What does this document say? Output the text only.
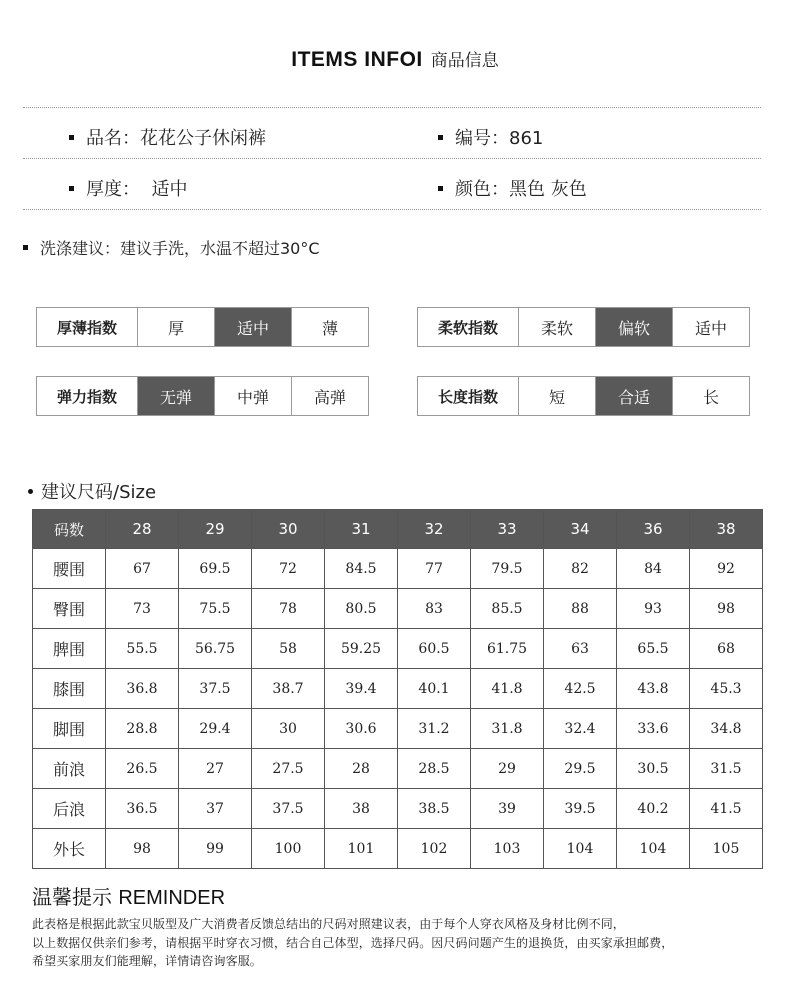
ITEMS INFOI 商品信息
品名：花花公子休闲裤	编号：861
厚度：  适中	颜色：黑色 灰色
洗涤建议：建议手洗，水温不超过30°C
厚薄指数	厚	适中	薄	柔软指数	柔软	偏软	适中
弹力指数	无弹	中弹	高弹	长度指数	短	合适	长
建议尺码/Size
码数	28	29	30	31	32	33	34	36	38
腰围	67	69.5	72	84.5	77	79.5	82	84	92
臀围	73	75.5	78	80.5	83	85.5	88	93	98
脾围	55.5	56.75	58	59.25	60.5	61.75	63	65.5	68
膝围	36.8	37.5	38.7	39.4	40.1	41.8	42.5	43.8	45.3
脚围	28.8	29.4	30	30.6	31.2	31.8	32.4	33.6	34.8
前浪	26.5	27	27.5	28	28.5	29	29.5	30.5	31.5
后浪	36.5	37	37.5	38	38.5	39	39.5	40.2	41.5
外长	98	99	100	101	102	103	104	104	105
温馨提示 REMINDER
此表格是根据此款宝贝版型及广大消费者反馈总结出的尺码对照建议表，由于每个人穿衣风格及身材比例不同，
以上数据仅供亲们参考，请根据平时穿衣习惯，结合自己体型，选择尺码。因尺码问题产生的退换货，由买家承担邮费，
希望买家朋友们能理解，详情请咨询客服。
